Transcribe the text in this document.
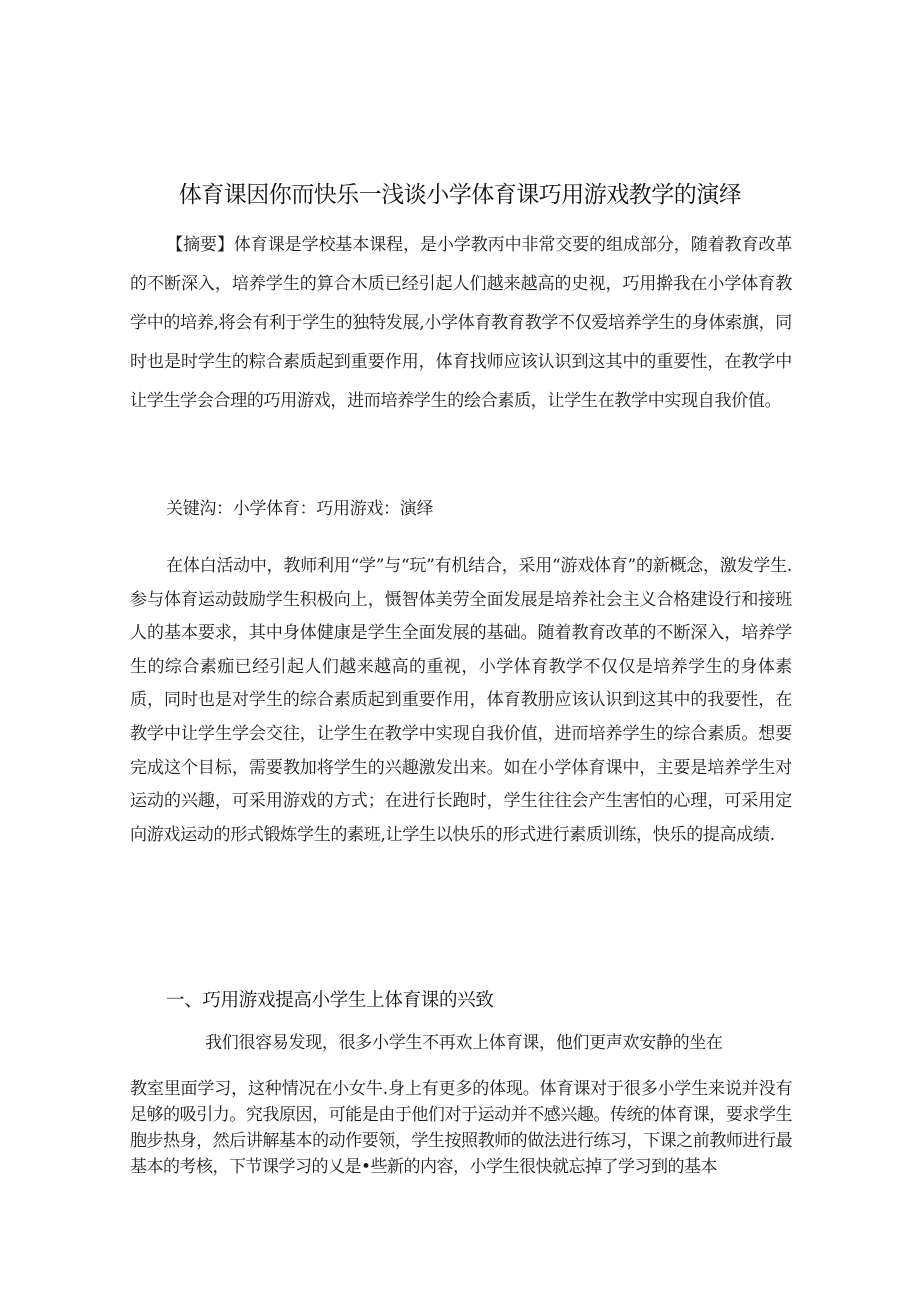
体育课因你而快乐一浅谈小学体育课巧用游戏教学的演绎

【摘要】体育课是学校基本课程，是小学教丙中非常交要的组成部分，随着教育改革的不断深入，培养学生的算合木质已经引起人们越来越高的史视，巧用擀我在小学体育教学中的培养,将会有利于学生的独特发展,小学体育教育教学不仅爱培养学生的身体索旗，同时也是时学生的粽合素质起到重要作用，体育找师应该认识到这其中的重要性，在教学中让学生学会合理的巧用游戏，进而培养学生的绘合素质，让学生在教学中实现自我价值。

关键沟：小学体育：巧用游戏：演绎

在体白活动中，教师利用“学”与“玩”有机结合，采用“游戏体育”的新概念，激发学生.参与体育运动鼓励学生积极向上，慑智体美劳全面发展是培养社会主义合格建设行和接班人的基本要求，其中身体健康是学生全面发展的基础。随着教育改革的不断深入，培养学生的综合素痂已经引起人们越来越高的重视，小学体育教学不仅仅是培养学生的身体素质，同时也是对学生的综合素质起到重要作用，体育教册应该认识到这其中的我要性，在教学中让学生学会交往，让学生在教学中实现自我价值，进而培养学生的综合素质。想要完成这个目标，需要教加将学生的兴趣激发出来。如在小学体育课中，主要是培养学生对运动的兴趣，可采用游戏的方式；在进行长跑时，学生往往会产生害怕的心理，可采用定向游戏运动的形式锻炼学生的素班,让学生以快乐的形式进行素质训练，快乐的提高成绩.

一、巧用游戏提高小学生上体育课的兴致
我们很容易发现，很多小学生不再欢上体育课，他们更声欢安静的坐在

教室里面学习，这种情况在小女牛.身上有更多的体现。体育课对于很多小学生来说并没有足够的吸引力。究我原因，可能是由于他们对于运动并不感兴趣。传统的体育课，要求学生胞步热身，然后讲解基本的动作要领，学生按照教师的做法进行练习，下课之前教师进行最基本的考核，下节课学习的乂是•些新的内容，小学生很快就忘掉了学习到的基本
